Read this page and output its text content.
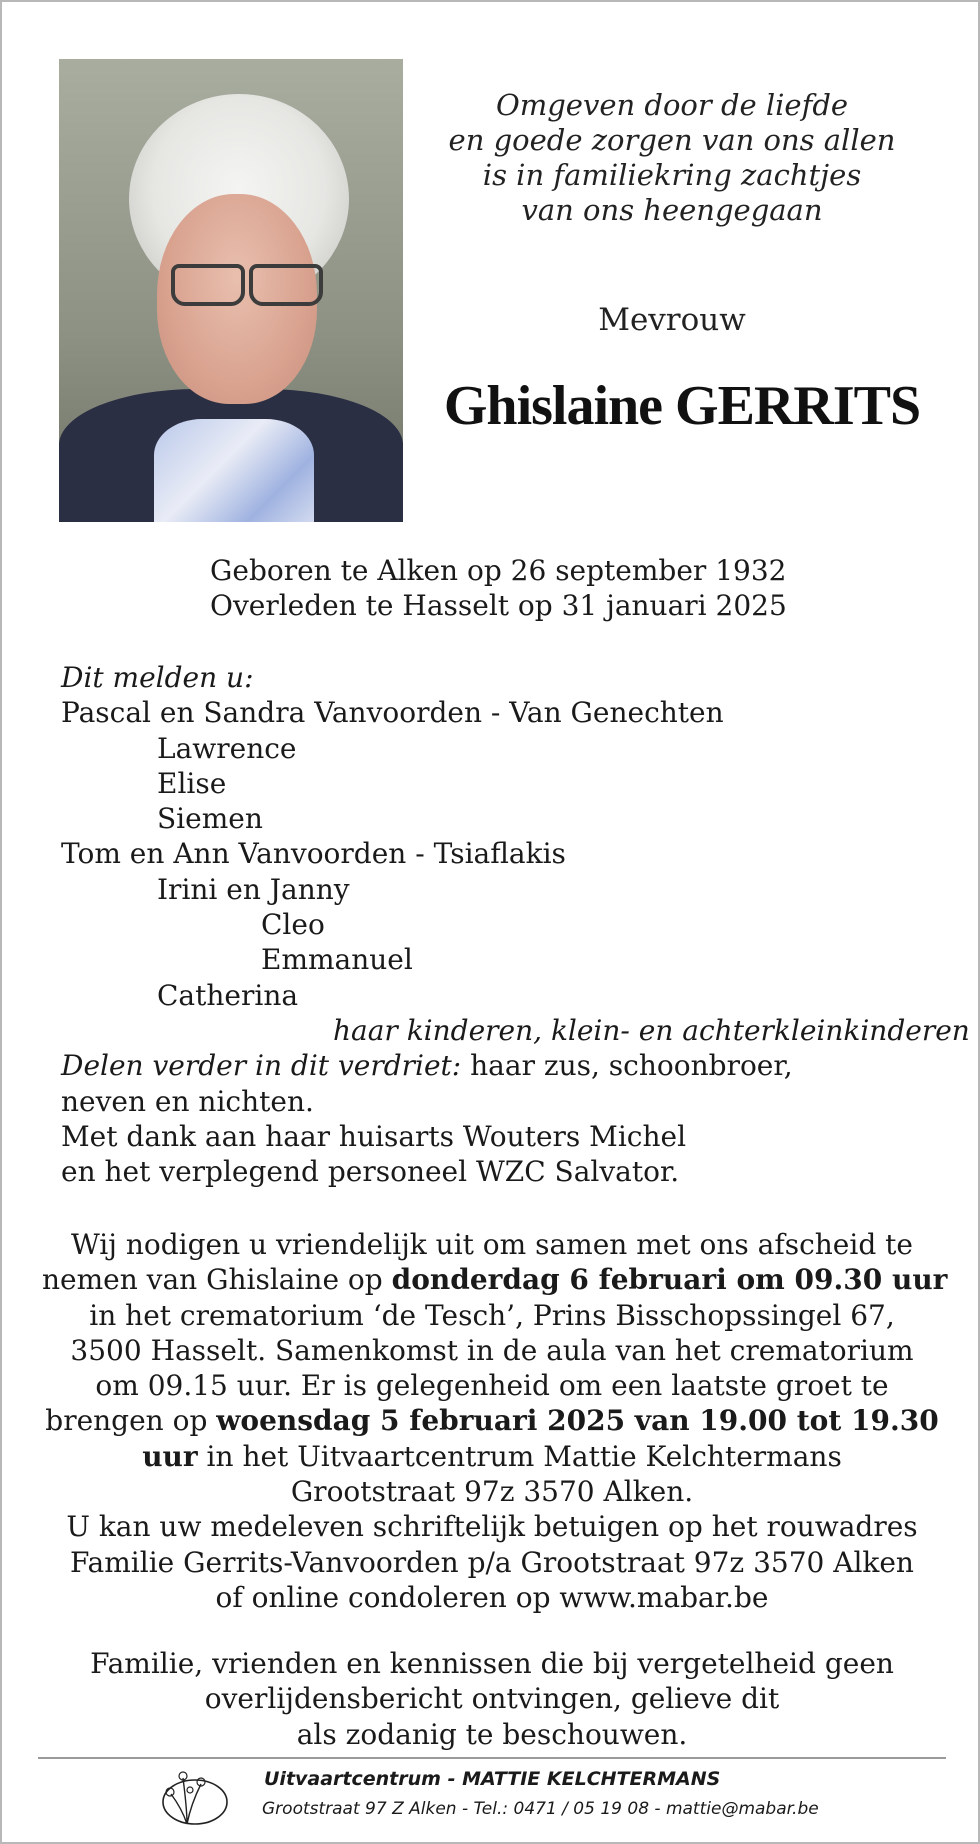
Omgeven door de liefde
en goede zorgen van ons allen
is in familiekring zachtjes
van ons heengegaan
Mevrouw
Ghislaine GERRITS
Geboren te Alken op 26 september 1932
Overleden te Hasselt op 31 januari 2025
Dit melden u:
Pascal en Sandra Vanvoorden - Van Genechten
Lawrence
Elise
Siemen
Tom en Ann Vanvoorden - Tsiaflakis
Irini en Janny
Cleo
Emmanuel
Catherina
haar kinderen, klein- en achterkleinkinderen
Delen verder in dit verdriet: haar zus, schoonbroer,
neven en nichten.
Met dank aan haar huisarts Wouters Michel
en het verplegend personeel WZC Salvator.
Wij nodigen u vriendelijk uit om samen met ons afscheid te
nemen van Ghislaine op donderdag 6 februari om 09.30 uur
in het crematorium ‘de Tesch’, Prins Bisschopssingel 67,
3500 Hasselt. Samenkomst in de aula van het crematorium
om 09.15 uur. Er is gelegenheid om een laatste groet te
brengen op woensdag 5 februari 2025 van 19.00 tot 19.30
uur in het Uitvaartcentrum Mattie Kelchtermans
Grootstraat 97z 3570 Alken.
U kan uw medeleven schriftelijk betuigen op het rouwadres
Familie Gerrits-Vanvoorden p/a Grootstraat 97z 3570 Alken
of online condoleren op www.mabar.be
Familie, vrienden en kennissen die bij vergetelheid geen
overlijdensbericht ontvingen, gelieve dit
als zodanig te beschouwen.
Uitvaartcentrum - MATTIE KELCHTERMANS
Grootstraat 97 Z Alken - Tel.: 0471 / 05 19 08 - mattie@mabar.be
